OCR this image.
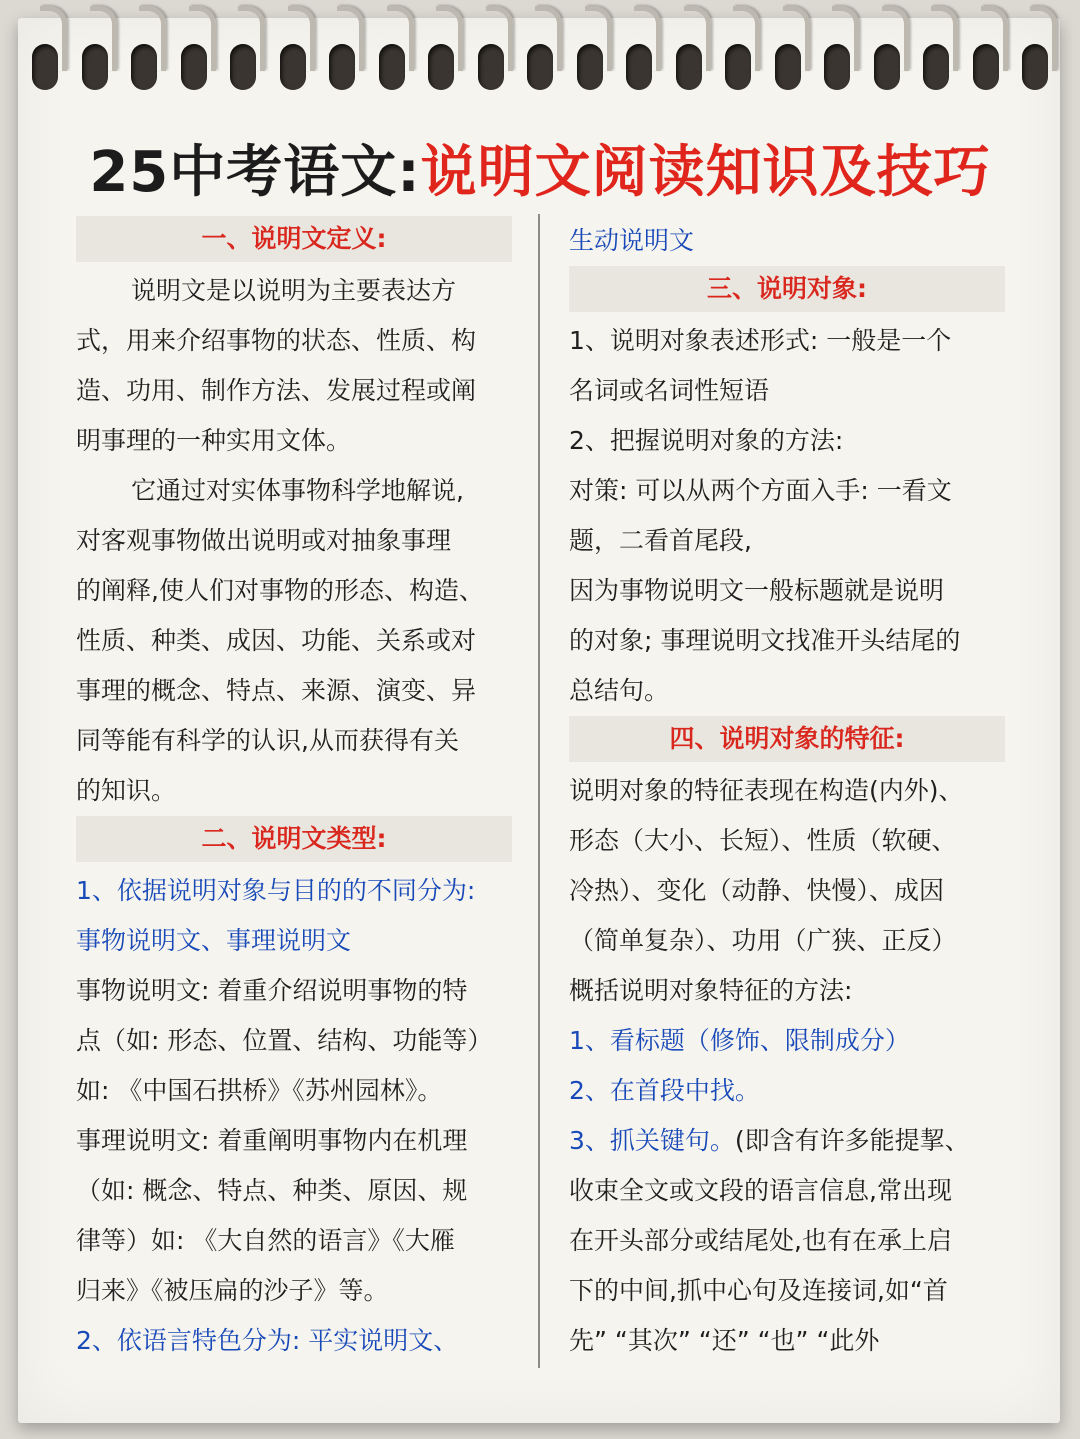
25中考语文:说明文阅读知识及技巧
一、说明文定义:
说明文是以说明为主要表达方
式，用来介绍事物的状态、性质、构
造、功用、制作方法、发展过程或阐
明事理的一种实用文体。
它通过对实体事物科学地解说,
对客观事物做出说明或对抽象事理
的阐释,使人们对事物的形态、构造、
性质、种类、成因、功能、关系或对
事理的概念、特点、来源、演变、异
同等能有科学的认识,从而获得有关
的知识。
二、说明文类型:
1、依据说明对象与目的的不同分为:
事物说明文、事理说明文
事物说明文: 着重介绍说明事物的特
点（如: 形态、位置、结构、功能等）
如: 《中国石拱桥》《苏州园林》。
事理说明文: 着重阐明事物内在机理
（如: 概念、特点、种类、原因、规
律等）如: 《大自然的语言》《大雁
归来》《被压扁的沙子》等。
2、依语言特色分为: 平实说明文、
生动说明文
三、说明对象:
1、说明对象表述形式: 一般是一个
名词或名词性短语
2、把握说明对象的方法:
对策: 可以从两个方面入手: 一看文
题，二看首尾段,
因为事物说明文一般标题就是说明
的对象; 事理说明文找准开头结尾的
总结句。
四、说明对象的特征:
说明对象的特征表现在构造(内外)、
形态（大小、长短）、性质（软硬、
冷热）、变化（动静、快慢）、成因
（简单复杂）、功用（广狭、正反）
概括说明对象特征的方法:
1、看标题（修饰、限制成分）
2、在首段中找。
3、抓关键句。(即含有许多能提挈、
收束全文或文段的语言信息,常出现
在开头部分或结尾处,也有在承上启
下的中间,抓中心句及连接词,如“首
先” “其次” “还” “也” “此外
